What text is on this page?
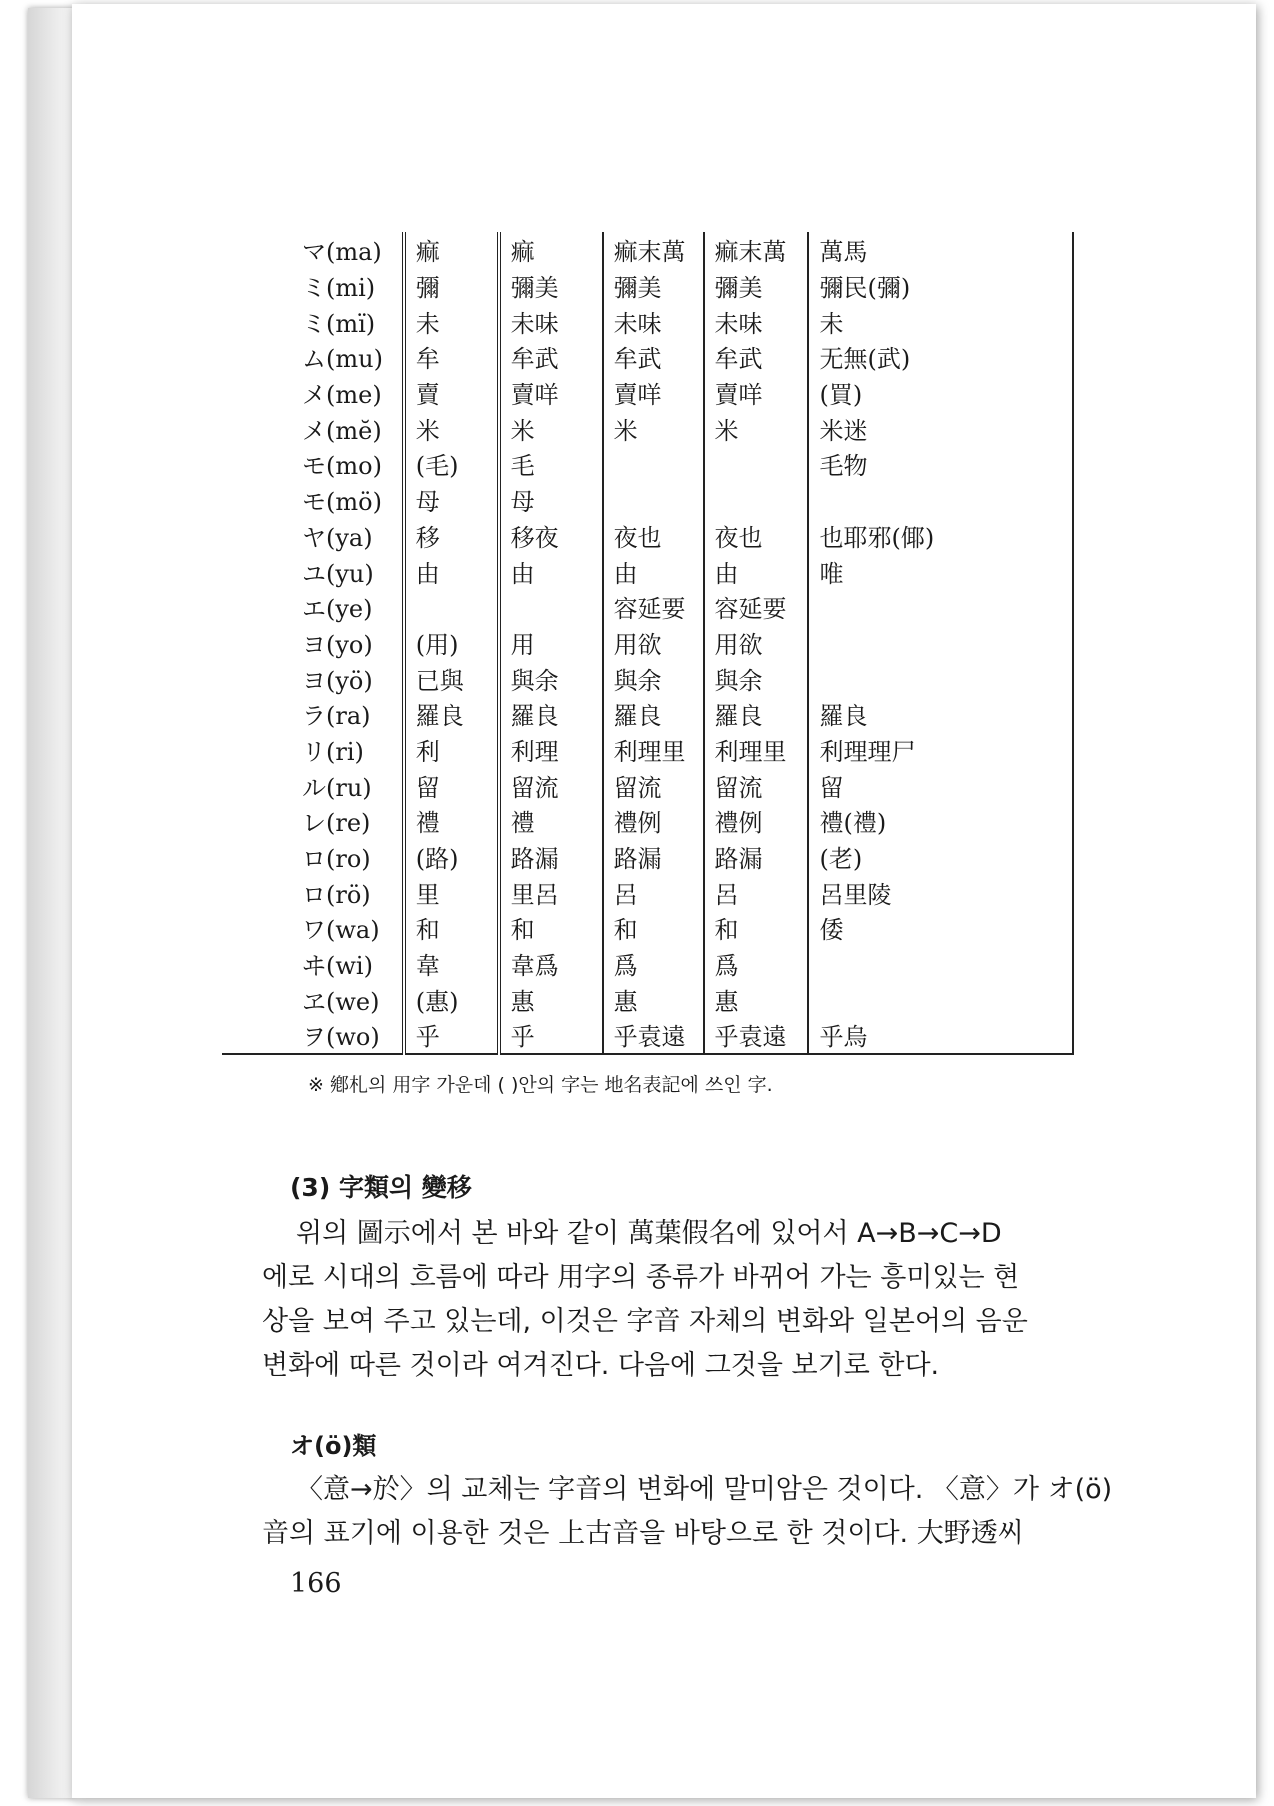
マ(ma)	痲	痲	痲末萬	痲末萬	萬馬
ミ(mi)	彌	彌美	彌美	彌美	彌民(彌)
ミ(mï)	未	未味	未味	未味	未
ム(mu)	牟	牟武	牟武	牟武	无無(武)
メ(me)	賣	賣咩	賣咩	賣咩	(買)
メ(mĕ)	米	米	米	米	米迷
モ(mo)	(毛)	毛			毛物
モ(mö)	母	母			
ヤ(ya)	移	移夜	夜也	夜也	也耶邪(倻)
ユ(yu)	由	由	由	由	唯
エ(ye)			容延要	容延要	
ヨ(yo)	(用)	用	用欲	用欲	
ヨ(yö)	已與	與余	與余	與余	
ラ(ra)	羅良	羅良	羅良	羅良	羅良
リ(ri)	利	利理	利理里	利理里	利理理尸
ル(ru)	留	留流	留流	留流	留
レ(re)	禮	禮	禮例	禮例	禮(禮)
ロ(ro)	(路)	路漏	路漏	路漏	(老)
ロ(rö)	里	里呂	呂	呂	呂里陵
ワ(wa)	和	和	和	和	倭
ヰ(wi)	韋	韋爲	爲	爲	
ヱ(we)	(惠)	惠	惠	惠	
ヲ(wo)	乎	乎	乎袁遠	乎袁遠	乎烏
※ 鄕札의 用字 가운데 ( )안의 字는 地名表記에 쓰인 字.
(3) 字類의 變移
위의 圖示에서 본 바와 같이 萬葉假名에 있어서 A→B→C→D
에로 시대의 흐름에 따라 用字의 종류가 바뀌어 가는 흥미있는 현
상을 보여 주고 있는데, 이것은 字音 자체의 변화와 일본어의 음운
변화에 따른 것이라 여겨진다. 다음에 그것을 보기로 한다.
オ(ö)類
〈意→於〉의 교체는 字音의 변화에 말미암은 것이다. 〈意〉가 オ(ö)
音의 표기에 이용한 것은 上古音을 바탕으로 한 것이다. 大野透씨
166
